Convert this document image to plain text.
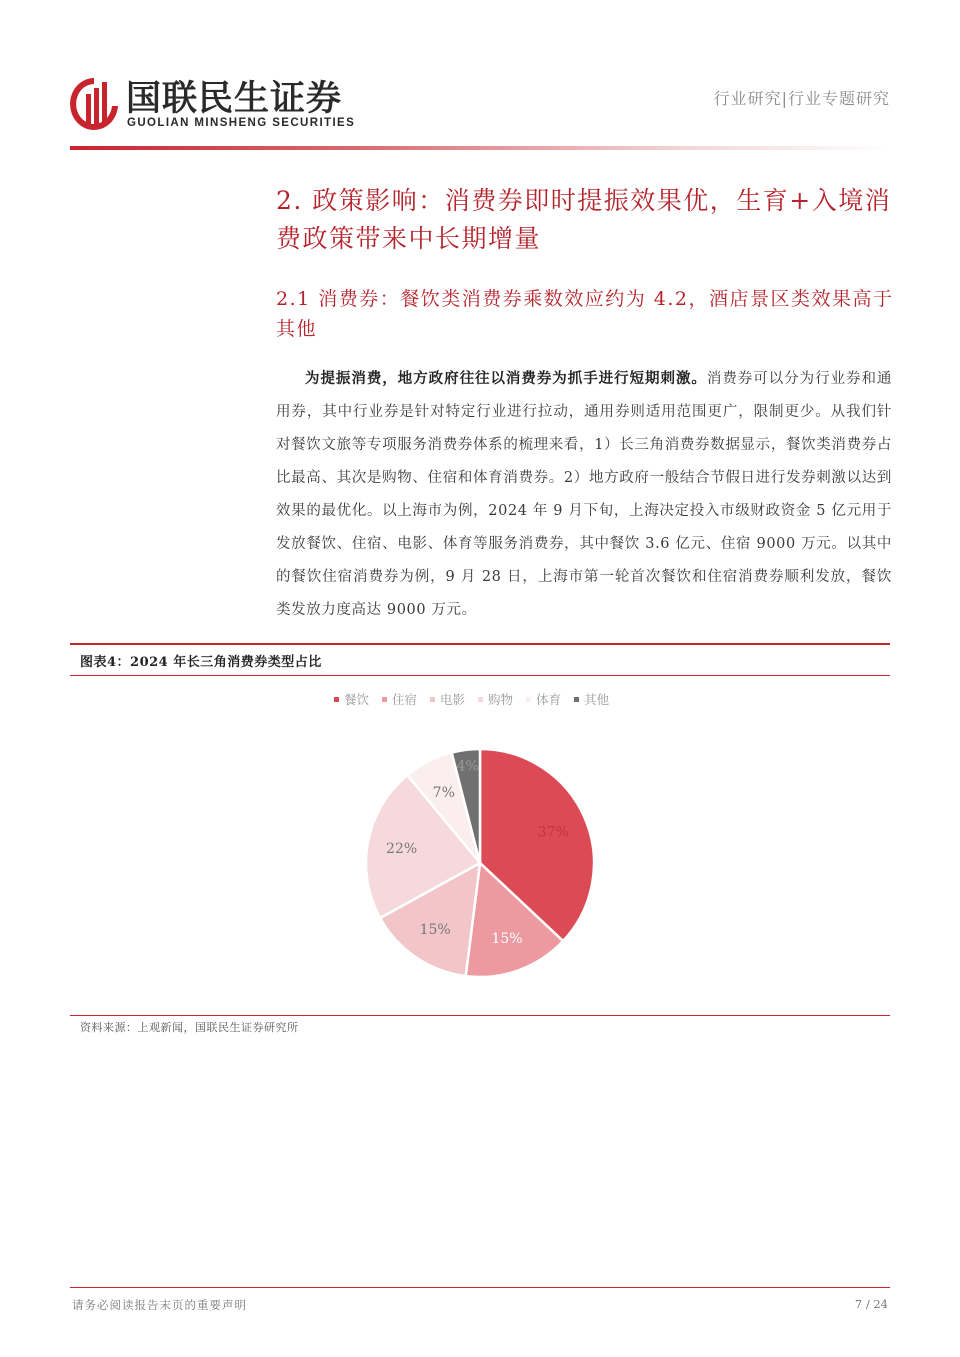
国联民生证券
GUOLIAN MINSHENG SECURITIES
行业研究|行业专题研究
2. 政策影响：消费券即时提振效果优，生育+入境消费政策带来中长期增量
2.1 消费券：餐饮类消费券乘数效应约为 4.2，酒店景区类效果高于其他
为提振消费，地方政府往往以消费券为抓手进行短期刺激。消费券可以分为行业券和通用券，其中行业券是针对特定行业进行拉动，通用券则适用范围更广，限制更少。从我们针对餐饮文旅等专项服务消费券体系的梳理来看，1）长三角消费券数据显示，餐饮类消费券占比最高、其次是购物、住宿和体育消费券。2）地方政府一般结合节假日进行发券刺激以达到效果的最优化。以上海市为例，2024 年 9 月下旬，上海决定投入市级财政资金 5 亿元用于发放餐饮、住宿、电影、体育等服务消费券，其中餐饮 3.6 亿元、住宿 9000 万元。以其中的餐饮住宿消费券为例，9 月 28 日，上海市第一轮首次餐饮和住宿消费券顺利发放，餐饮类发放力度高达 9000 万元。
图表4：2024 年长三角消费券类型占比
餐饮 住宿 电影 购物 体育 其他
37%
15%
15%
22%
7%
4%
资料来源：上观新闻，国联民生证券研究所
请务必阅读报告末页的重要声明	7 / 24
